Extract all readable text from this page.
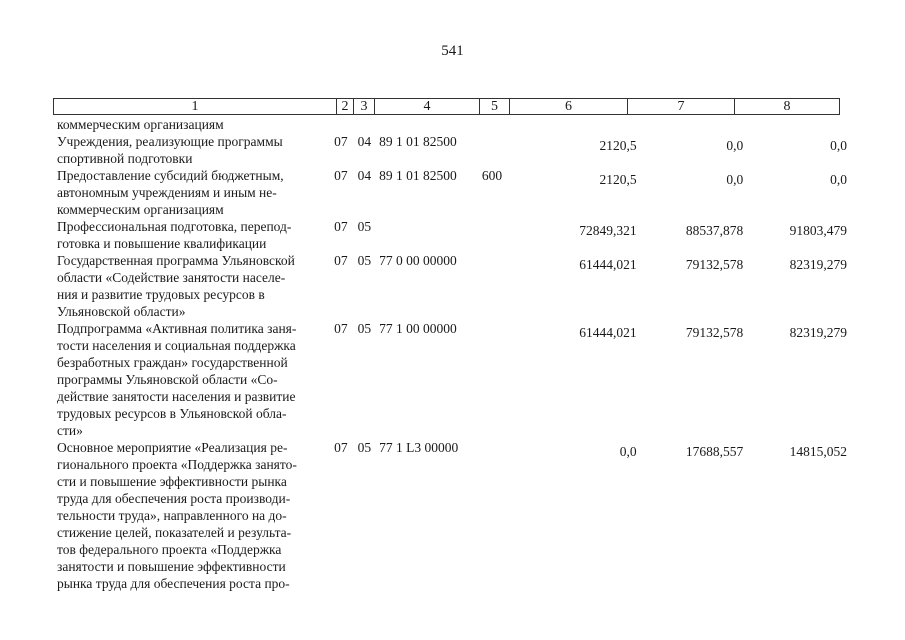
541
1	2 3	4	5	6	7	8
коммерческим организациям
Учреждения, реализующие программы
спортивной подготовки
07 04 89 1 01 82500	2120,5	0,0	0,0
Предоставление субсидий бюджетным,
автономным учреждениям и иным не-
коммерческим организациям
07 04 89 1 01 82500	600	2120,5	0,0	0,0
Профессиональная подготовка, перепод-
готовка и повышение квалификации
07 05	72849,321	88537,878	91803,479
Государственная программа Ульяновской
области «Содействие занятости населе-
ния и развитие трудовых ресурсов в
Ульяновской области»
07 05 77 0 00 00000	61444,021	79132,578	82319,279
Подпрограмма «Активная политика заня-
тости населения и социальная поддержка
безработных граждан» государственной
программы Ульяновской области «Со-
действие занятости населения и развитие
трудовых ресурсов в Ульяновской обла-
сти»
07 05 77 1 00 00000	61444,021	79132,578	82319,279
Основное мероприятие «Реализация ре-
гионального проекта «Поддержка занято-
сти и повышение эффективности рынка
труда для обеспечения роста производи-
тельности труда», направленного на до-
стижение целей, показателей и результа-
тов федерального проекта «Поддержка
занятости и повышение эффективности
рынка труда для обеспечения роста про-
07 05 77 1 L3 00000	0,0	17688,557	14815,052
